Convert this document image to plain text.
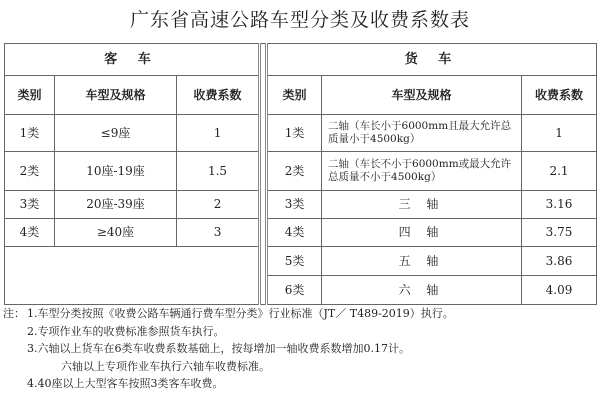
广东省高速公路车型分类及收费系数表
客 车				货 车		
类别	车型及规格	收费系数		类别	车型及规格	收费系数
1类	≤9座	1		1类	二轴（车长小于6000mm且最大允许总质量小于4500kg）	1
2类	10座-19座	1.5		2类	二轴（车长不小于6000mm或最大允许总质量不小于4500kg）	2.1
3类	20座-39座	2		3类	三 轴	3.16
4类	≥40座	3		4类	四 轴	3.75
				5类	五 轴	3.86
				6类	六 轴	4.09
注： 1.车型分类按照《收费公路车辆通行费车型分类》行业标准（JT／ T489-2019）执行。
2.专项作业车的收费标准参照货车执行。
3.六轴以上货车在6类车收费系数基础上，按每增加一轴收费系数增加0.17计。
六轴以上专项作业车执行六轴车收费标准。
4.40座以上大型客车按照3类客车收费。
